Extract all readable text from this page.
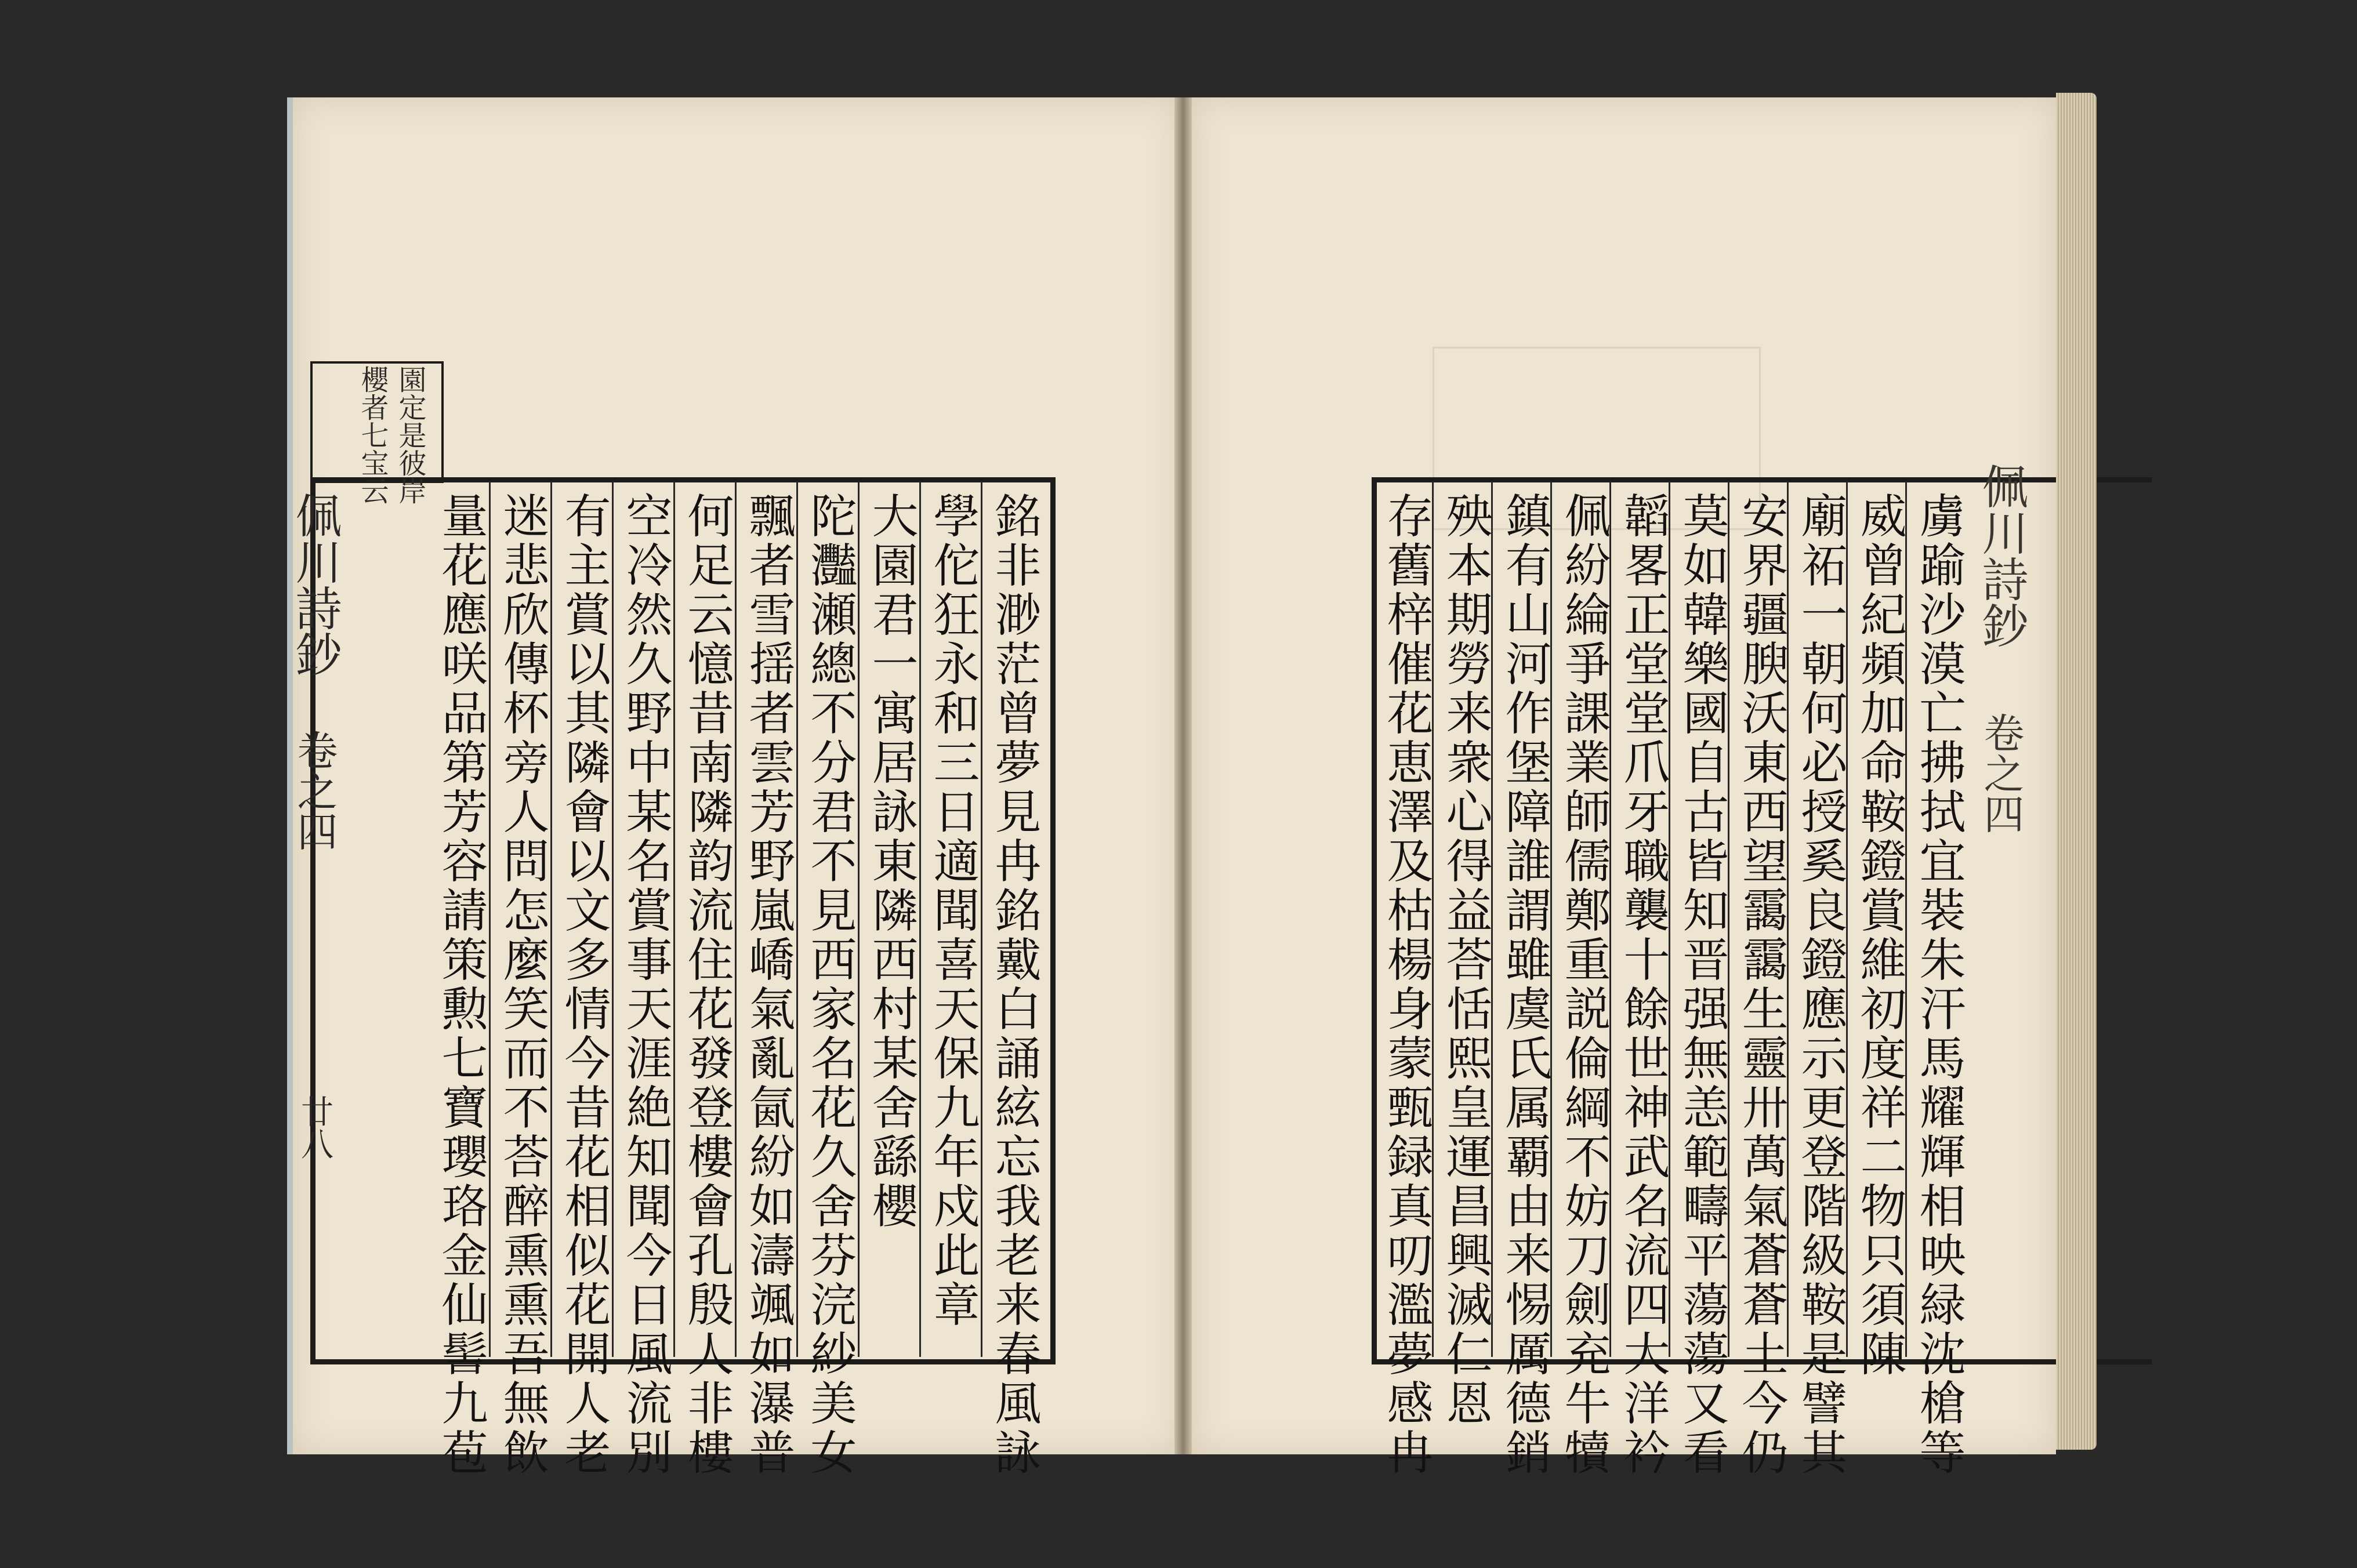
園定是彼岸
櫻者七宝云
佩川詩鈔
卷之四
廿八	銘非渺茫曾夢見冉銘戴白誦絃忘我老来春風詠
學佗狂永和三日適聞喜天保九年戍此章
大園君一寓居詠東隣西村某舍繇櫻
陀灩瀬總不分君不見西家名花久舍芬浣紗美女
飄者雪揺者雲芳野嵐嶠氣亂氤紛如濤颯如瀑普
何足云憶昔南隣韵流住花發登樓會孔殷人非樓
空冷然久野中某名賞事天涯絶知聞今日風流別
有主賞以其隣會以文多情今昔花相似花開人老
迷悲欣傳杯旁人問怎麼笑而不荅醉熏熏吾無飲
量花應咲品第芳容請策勲七寶瓔珞金仙髻九苞	佩川詩鈔
卷之四
虜踰沙漠亡拂拭宜裝朱汗馬耀輝相映緑沈槍等
威曾紀頻加命鞍鐙賞維初度祥二物只須陳
廟祏一朝何必授奚良鐙應示更登階級鞍是譬其
安界疆腴沃東西望靄靄生靈卅萬氣蒼蒼土今仍
莫如韓樂國自古皆知晋强無恙範疇平蕩蕩又看
韜畧正堂堂爪牙職襲十餘世神武名流四大洋衿
佩紛綸爭課業師儒鄭重説倫綱不妨刀劍充牛犢
鎮有山河作堡障誰謂雖虞氏属覇由来惕厲德銷
殃本期勞来衆心得益荅恬熙皇運昌興滅仁恩
存舊梓催花恵澤及枯楊身蒙甄録真叨濫夢感冉
